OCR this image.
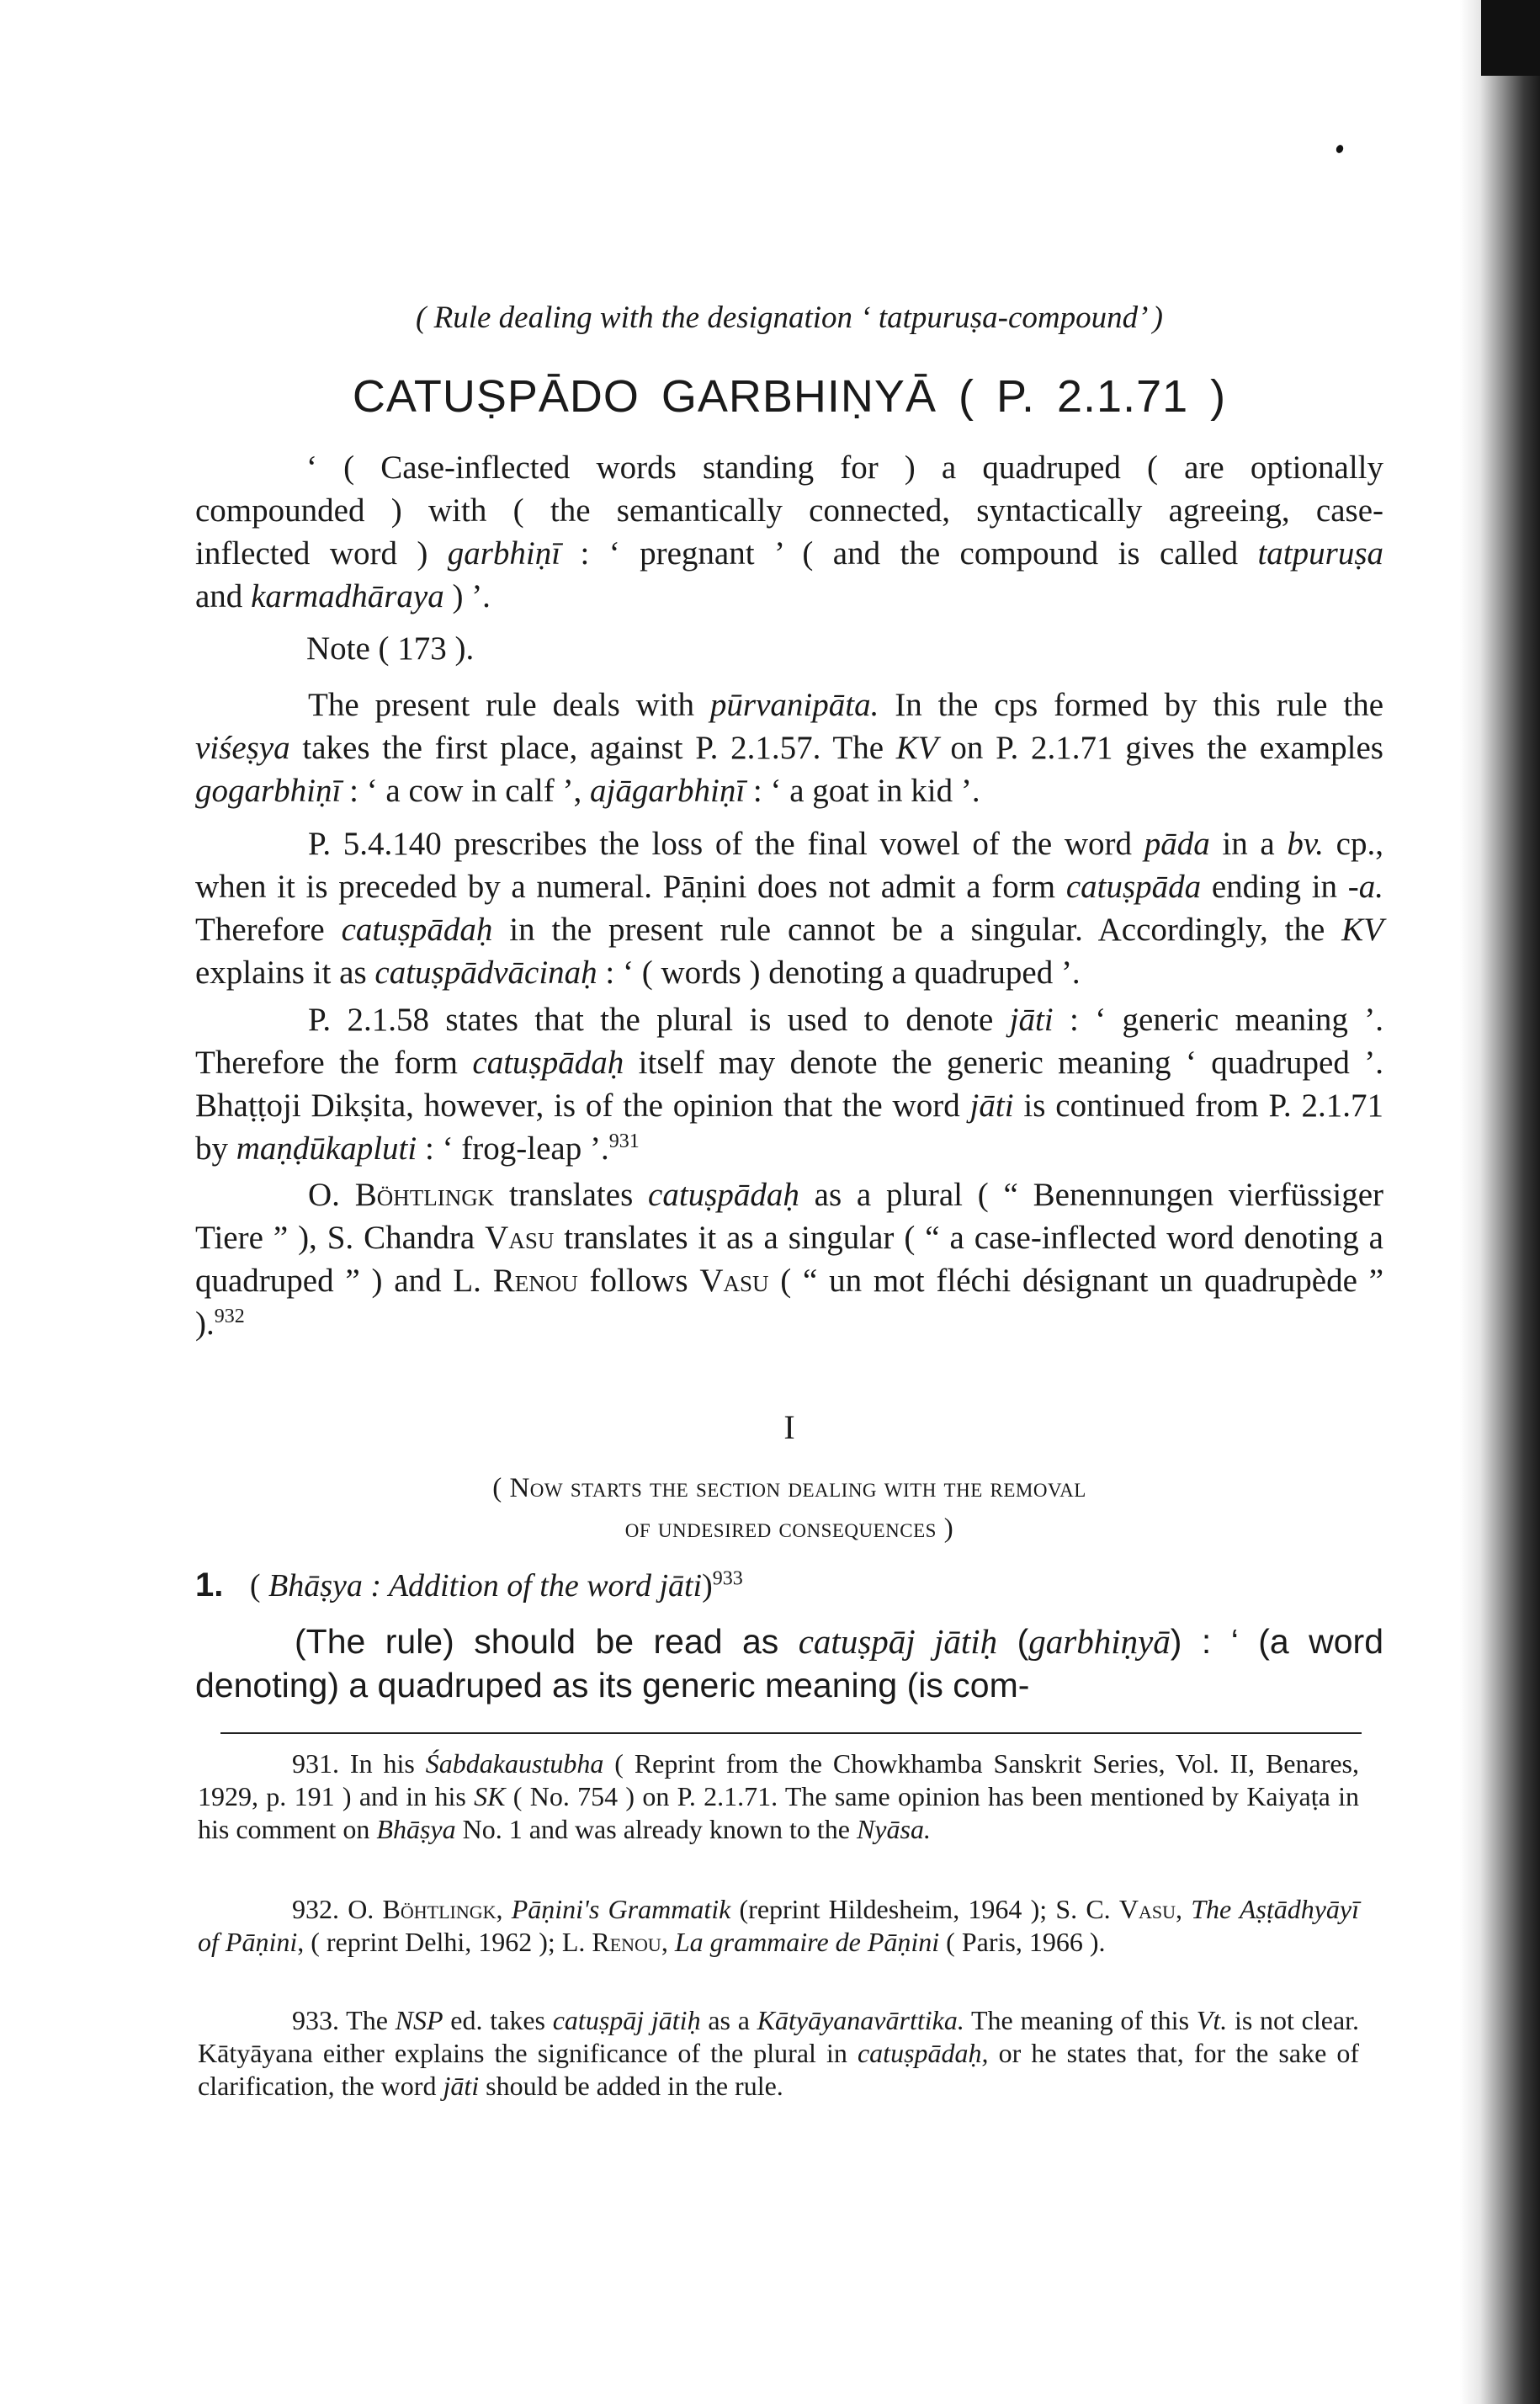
( Rule dealing with the designation ‘ tatpuruṣa-compound’ )
CATUṢPĀDO GARBHIṆYĀ ( P. 2.1.71 )

‘ ( Case-inflected words standing for ) a quadruped ( are optionally

compounded ) with ( the semantically connected, syntactically agreeing, case-

inflected word ) garbhiṇī : ‘ pregnant ’ ( and the compound is called tatpuruṣa

and karmadhāraya ) ’.

Note ( 173 ).

The present rule deals with pūrvanipāta. In the cps formed by this rule the viśeṣya takes the first place, against P. 2.1.57. The KV on P. 2.1.71 gives the examples gogarbhiṇī : ‘ a cow in calf ’, ajāgarbhiṇī : ‘ a goat in kid ’.

P. 5.4.140 prescribes the loss of the final vowel of the word pāda in a bv. cp., when it is preceded by a numeral. Pāṇini does not admit a form catuṣpāda ending in -a. Therefore catuṣpādaḥ in the present rule cannot be a singular. Accordingly, the KV explains it as catuṣpādvācinaḥ : ‘ ( words ) denoting a quadruped ’.

P. 2.1.58 states that the plural is used to denote jāti : ‘ generic meaning ’. Therefore the form catuṣpādaḥ itself may denote the generic meaning ‘ quadruped ’. Bhaṭṭoji Dikṣita, however, is of the opinion that the word jāti is continued from P. 2.1.71 by maṇḍūkapluti : ‘ frog-leap ’.$^{931}$

O. Böhtlingk translates catuṣpādaḥ as a plural ( “ Benennungen vierfüssiger Tiere ” ), S. Chandra Vasu translates it as a singular ( “ a case-inflected word denoting a quadruped ” ) and L. Renou follows Vasu ( “ un mot fléchi désignant un quadrupède ” ).$^{932}$

I

( Now starts the section dealing with the removal

of undesired consequences )

1. ( Bhāṣya : Addition of the word jāti)$^{933}$

(The rule) should be read as catuṣpāj jātiḥ (garbhiṇyā) : ‘ (a word denoting) a quadruped as its generic meaning (is com-

931. In his Śabdakaustubha ( Reprint from the Chowkhamba Sanskrit Series, Vol. II, Benares, 1929, p. 191 ) and in his SK ( No. 754 ) on P. 2.1.71. The same opinion has been mentioned by Kaiyaṭa in his comment on Bhāṣya No. 1 and was already known to the Nyāsa.

932. O. Böhtlingk, Pāṇini's Grammatik (reprint Hildesheim, 1964 ); S. C. Vasu, The Aṣṭādhyāyī of Pāṇini, ( reprint Delhi, 1962 ); L. Renou, La grammaire de Pāṇini ( Paris, 1966 ).

933. The NSP ed. takes catuṣpāj jātiḥ as a Kātyāyanavārttika. The meaning of this Vt. is not clear. Kātyāyana either explains the significance of the plural in catuṣpādaḥ, or he states that, for the sake of clarification, the word jāti should be added in the rule.
